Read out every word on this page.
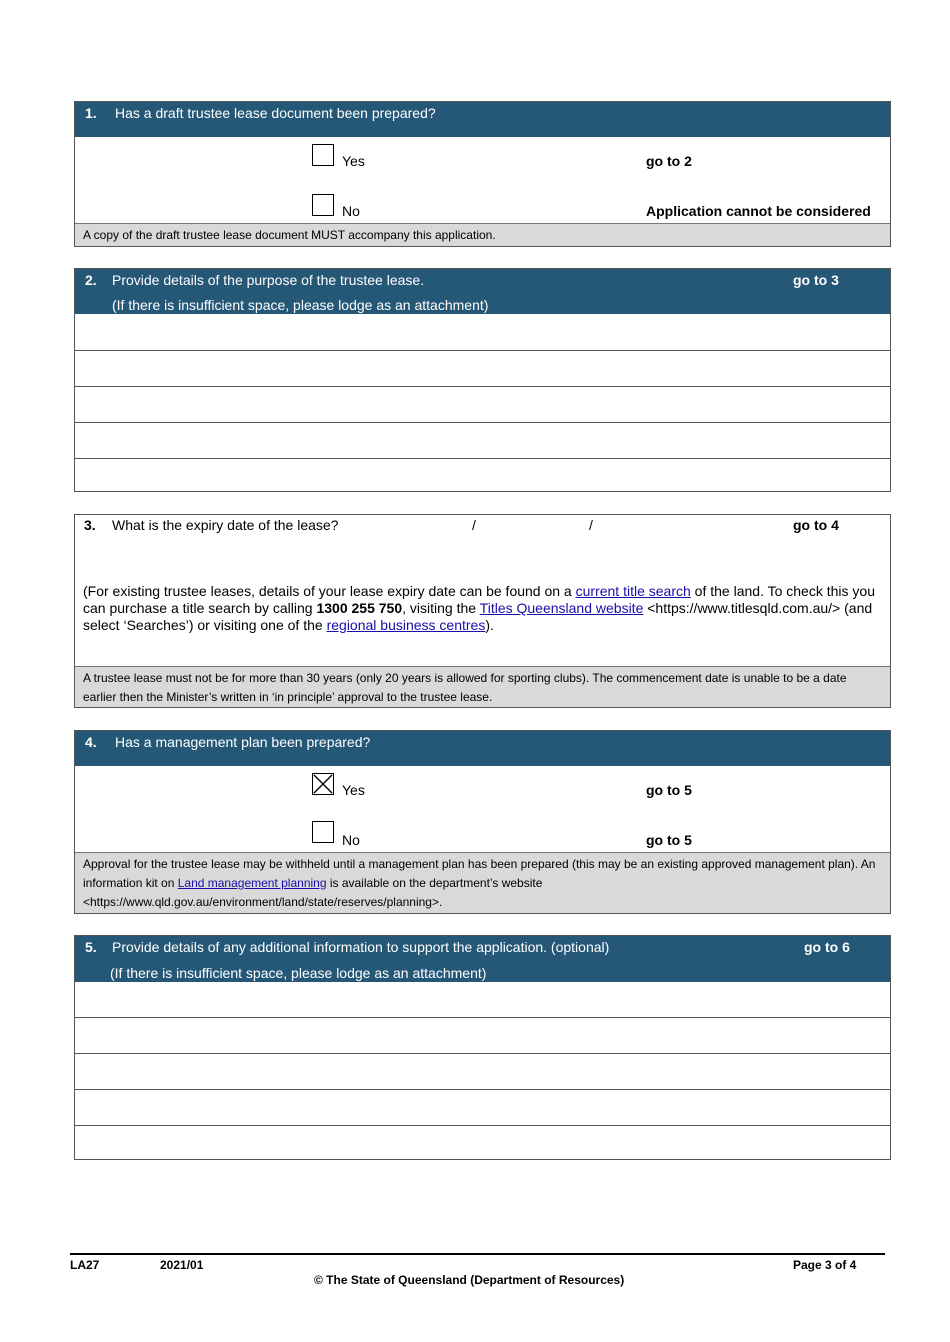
1. Has a draft trustee lease document been prepared?
Yes	go to 2
No	Application cannot be considered
A copy of the draft trustee lease document MUST accompany this application.
2. Provide details of the purpose of the trustee lease.	go to 3
(If there is insufficient space, please lodge as an attachment)
3. What is the expiry date of the lease?	/	/	go to 4
(For existing trustee leases, details of your lease expiry date can be found on a current title search of the land. To check this you can purchase a title search by calling 1300 255 750, visiting the Titles Queensland website <https://www.titlesqld.com.au/> (and select ‘Searches’) or visiting one of the regional business centres).
A trustee lease must not be for more than 30 years (only 20 years is allowed for sporting clubs). The commencement date is unable to be a date earlier then the Minister’s written in ‘in principle’ approval to the trustee lease.
4. Has a management plan been prepared?
Yes	go to 5
No	go to 5
Approval for the trustee lease may be withheld until a management plan has been prepared (this may be an existing approved management plan). An information kit on Land management planning is available on the department’s website <https://www.qld.gov.au/environment/land/state/reserves/planning>.
5. Provide details of any additional information to support the application. (optional)	go to 6
(If there is insufficient space, please lodge as an attachment)
LA27	2021/01	Page 3 of 4
© The State of Queensland (Department of Resources)
